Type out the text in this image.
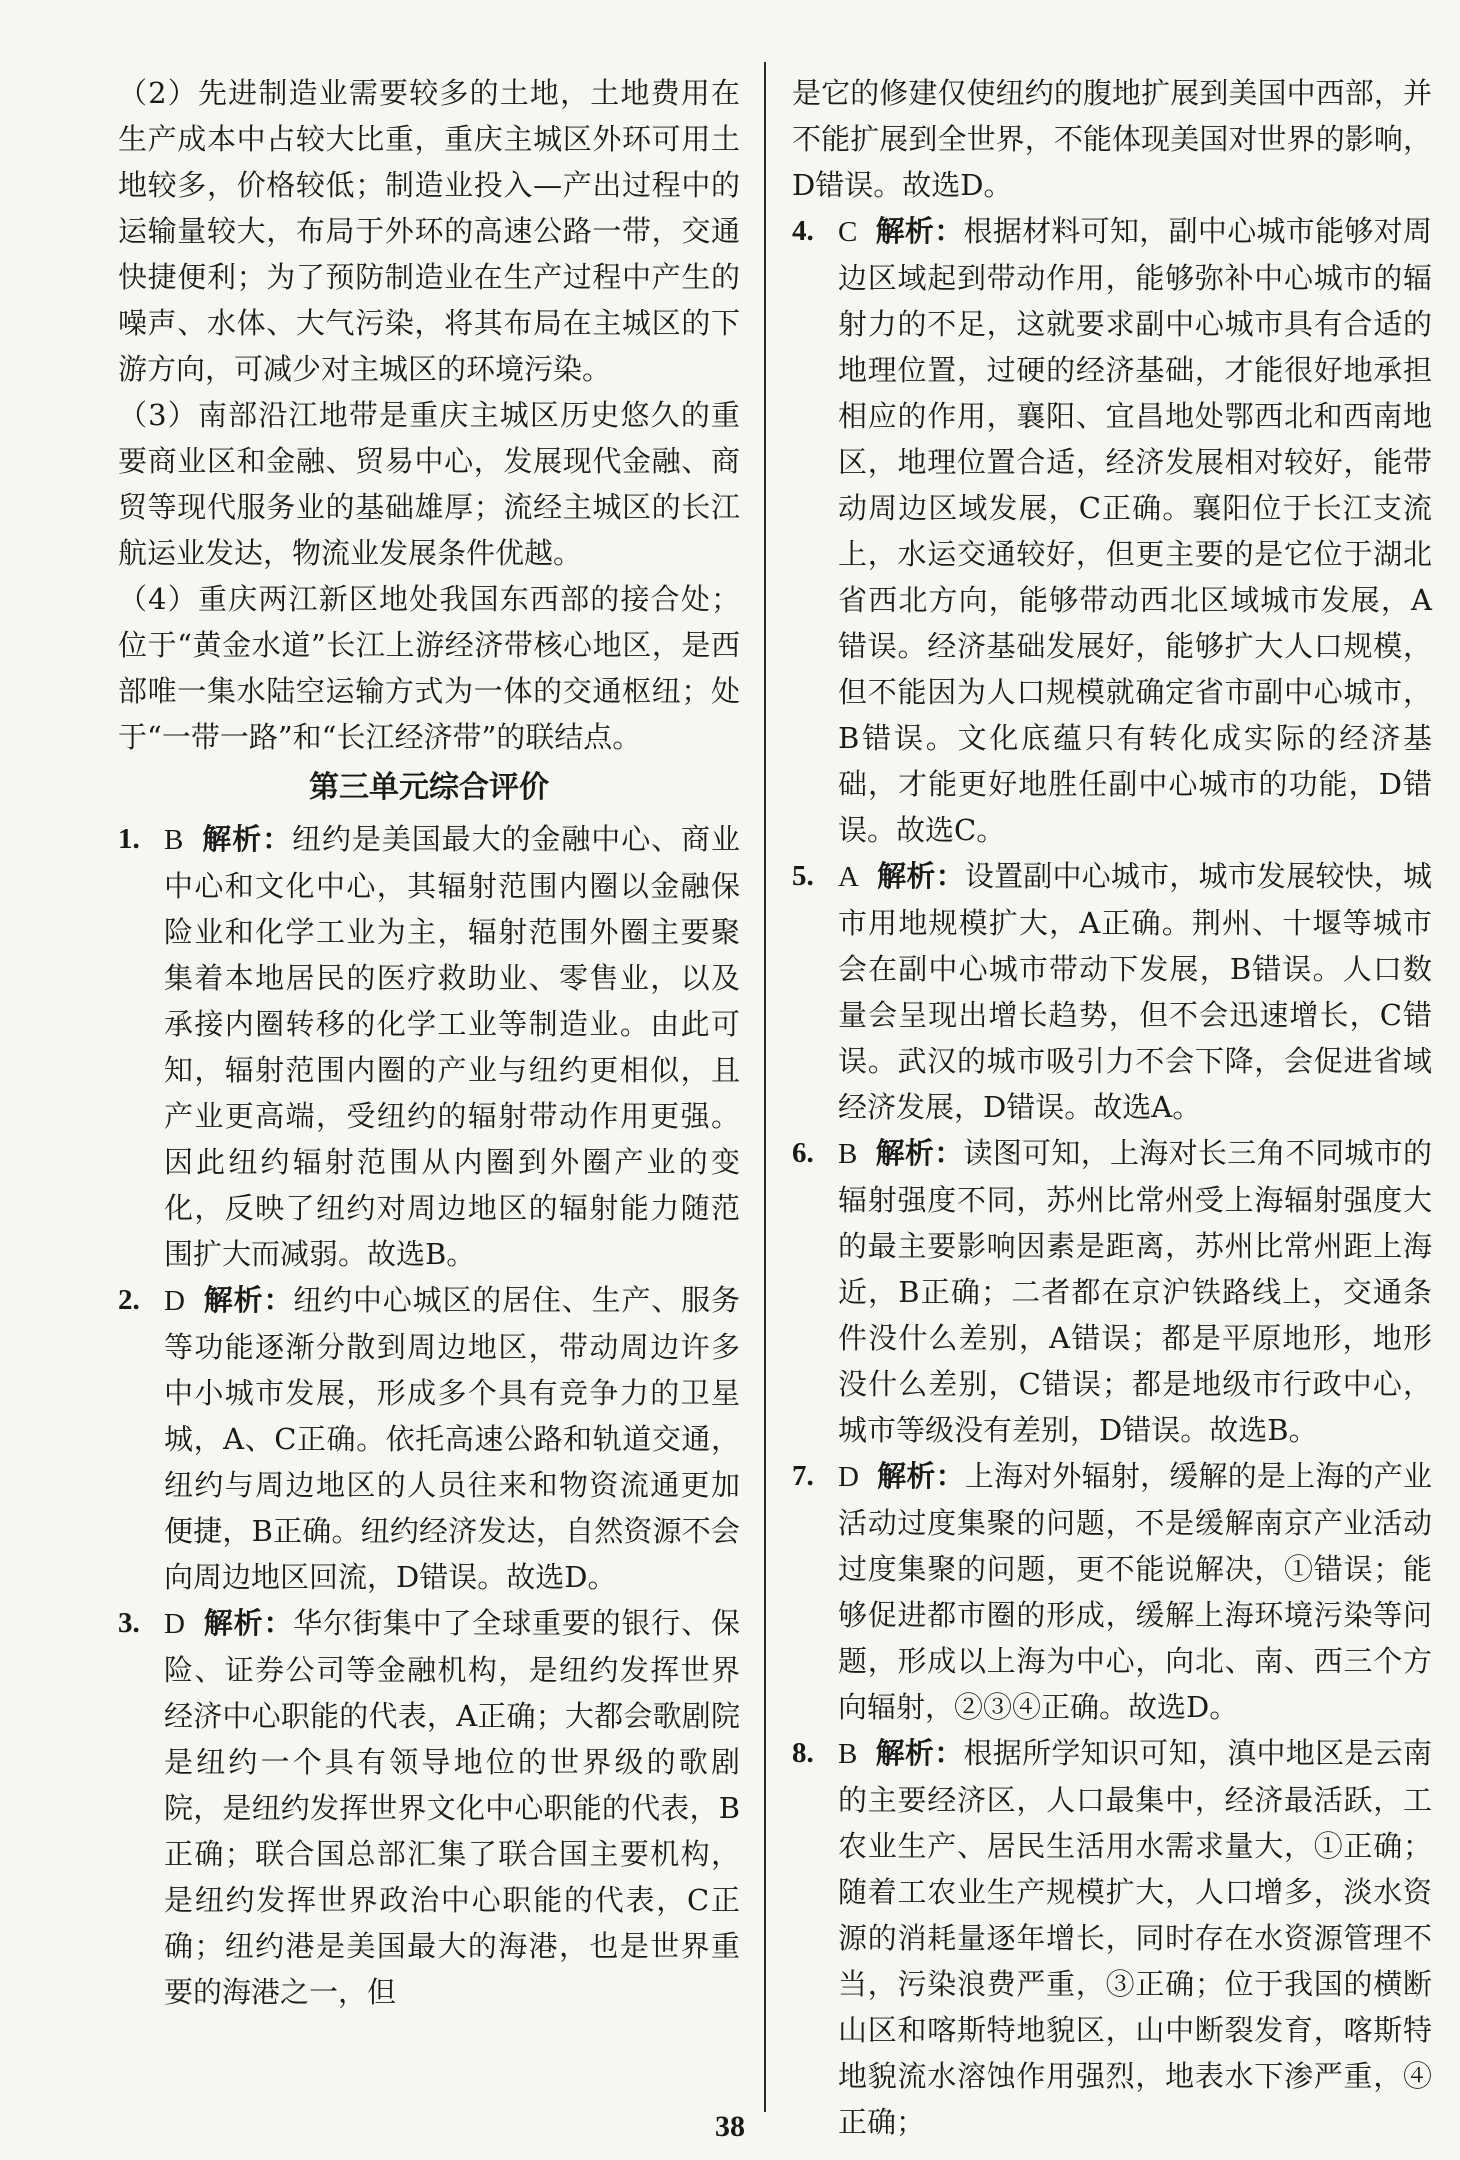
（2）先进制造业需要较多的土地，土地费用在生产成本中占较大比重，重庆主城区外环可用土地较多，价格较低；制造业投入—产出过程中的运输量较大，布局于外环的高速公路一带，交通快捷便利；为了预防制造业在生产过程中产生的噪声、水体、大气污染，将其布局在主城区的下游方向，可减少对主城区的环境污染。

（3）南部沿江地带是重庆主城区历史悠久的重要商业区和金融、贸易中心，发展现代金融、商贸等现代服务业的基础雄厚；流经主城区的长江航运业发达，物流业发展条件优越。

（4）重庆两江新区地处我国东西部的接合处；位于“黄金水道”长江上游经济带核心地区，是西部唯一集水陆空运输方式为一体的交通枢纽；处于“一带一路”和“长江经济带”的联结点。

第三单元综合评价

1. B 解析：纽约是美国最大的金融中心、商业中心和文化中心，其辐射范围内圈以金融保险业和化学工业为主，辐射范围外圈主要聚集着本地居民的医疗救助业、零售业，以及承接内圈转移的化学工业等制造业。由此可知，辐射范围内圈的产业与纽约更相似，且产业更高端，受纽约的辐射带动作用更强。因此纽约辐射范围从内圈到外圈产业的变化，反映了纽约对周边地区的辐射能力随范围扩大而减弱。故选B。
2. D 解析：纽约中心城区的居住、生产、服务等功能逐渐分散到周边地区，带动周边许多中小城市发展，形成多个具有竞争力的卫星城，A、C正确。依托高速公路和轨道交通，纽约与周边地区的人员往来和物资流通更加便捷，B正确。纽约经济发达，自然资源不会向周边地区回流，D错误。故选D。
3. D 解析：华尔街集中了全球重要的银行、保险、证券公司等金融机构，是纽约发挥世界经济中心职能的代表，A正确；大都会歌剧院是纽约一个具有领导地位的世界级的歌剧院，是纽约发挥世界文化中心职能的代表，B正确；联合国总部汇集了联合国主要机构，是纽约发挥世界政治中心职能的代表，C正确；纽约港是美国最大的海港，也是世界重要的海港之一，但

是它的修建仅使纽约的腹地扩展到美国中西部，并不能扩展到全世界，不能体现美国对世界的影响，D错误。故选D。

4. C 解析：根据材料可知，副中心城市能够对周边区域起到带动作用，能够弥补中心城市的辐射力的不足，这就要求副中心城市具有合适的地理位置，过硬的经济基础，才能很好地承担相应的作用，襄阳、宜昌地处鄂西北和西南地区，地理位置合适，经济发展相对较好，能带动周边区域发展，C正确。襄阳位于长江支流上，水运交通较好，但更主要的是它位于湖北省西北方向，能够带动西北区域城市发展，A错误。经济基础发展好，能够扩大人口规模，但不能因为人口规模就确定省市副中心城市，B错误。文化底蕴只有转化成实际的经济基础，才能更好地胜任副中心城市的功能，D错误。故选C。
5. A 解析：设置副中心城市，城市发展较快，城市用地规模扩大，A正确。荆州、十堰等城市会在副中心城市带动下发展，B错误。人口数量会呈现出增长趋势，但不会迅速增长，C错误。武汉的城市吸引力不会下降，会促进省域经济发展，D错误。故选A。
6. B 解析：读图可知，上海对长三角不同城市的辐射强度不同，苏州比常州受上海辐射强度大的最主要影响因素是距离，苏州比常州距上海近，B正确；二者都在京沪铁路线上，交通条件没什么差别，A错误；都是平原地形，地形没什么差别，C错误；都是地级市行政中心，城市等级没有差别，D错误。故选B。
7. D 解析：上海对外辐射，缓解的是上海的产业活动过度集聚的问题，不是缓解南京产业活动过度集聚的问题，更不能说解决，①错误；能够促进都市圈的形成，缓解上海环境污染等问题，形成以上海为中心，向北、南、西三个方向辐射，②③④正确。故选D。
8. B 解析：根据所学知识可知，滇中地区是云南的主要经济区，人口最集中，经济最活跃，工农业生产、居民生活用水需求量大，①正确；随着工农业生产规模扩大，人口增多，淡水资源的消耗量逐年增长，同时存在水资源管理不当，污染浪费严重，③正确；位于我国的横断山区和喀斯特地貌区，山中断裂发育，喀斯特地貌流水溶蚀作用强烈，地表水下渗严重，④正确；
38
